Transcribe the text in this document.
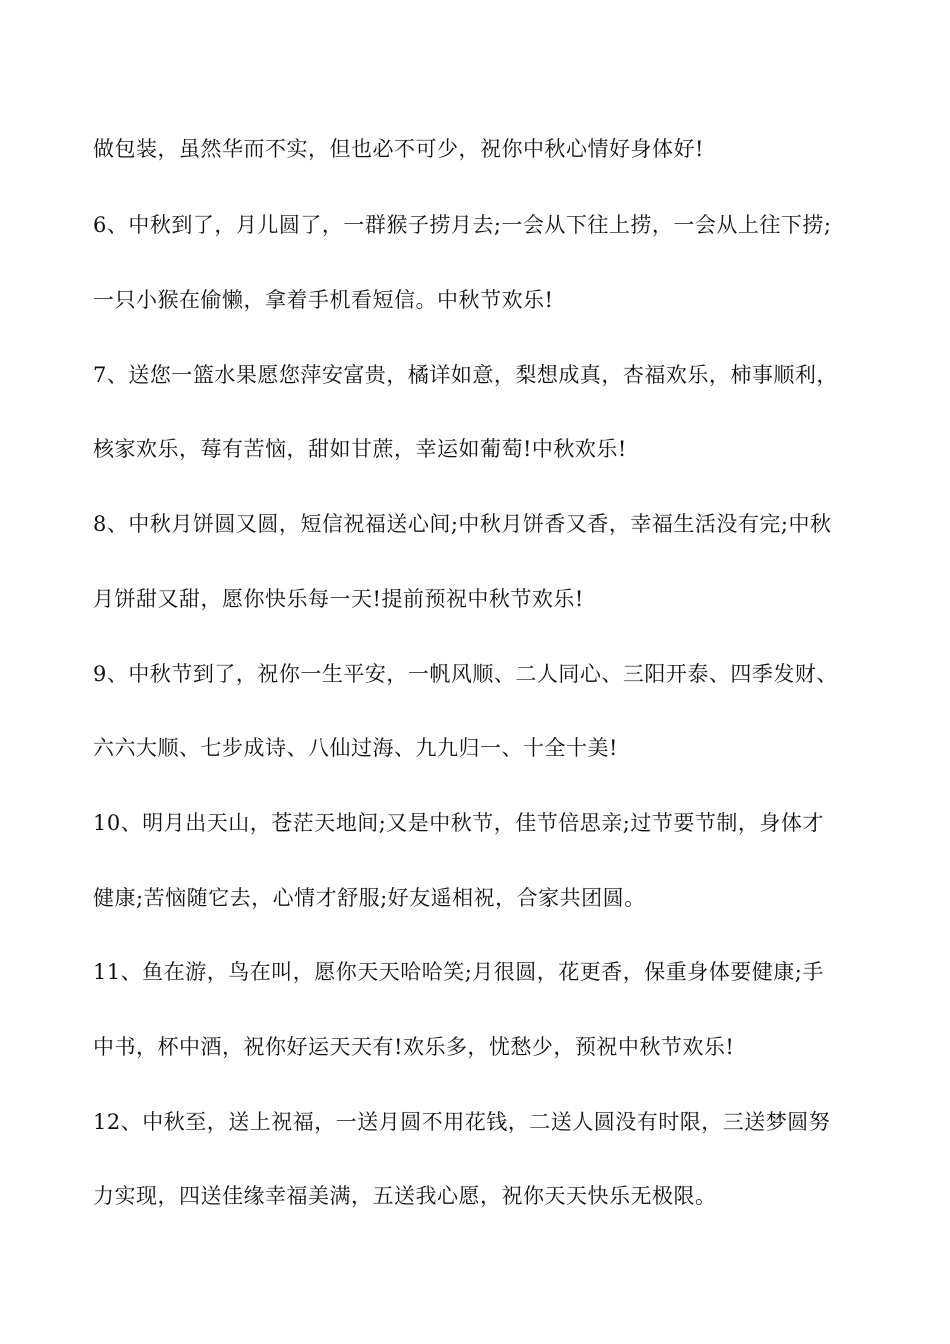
做包装，虽然华而不实，但也必不可少，祝你中秋心情好身体好!
6、中秋到了，月儿圆了，一群猴子捞月去;一会从下往上捞，一会从上往下捞;
一只小猴在偷懒，拿着手机看短信。中秋节欢乐!
7、送您一篮水果愿您萍安富贵，橘详如意，梨想成真，杏福欢乐，柿事顺利，
核家欢乐，莓有苦恼，甜如甘蔗，幸运如葡萄!中秋欢乐!
8、中秋月饼圆又圆，短信祝福送心间;中秋月饼香又香，幸福生活没有完;中秋
月饼甜又甜，愿你快乐每一天!提前预祝中秋节欢乐!
9、中秋节到了，祝你一生平安，一帆风顺、二人同心、三阳开泰、四季发财、
六六大顺、七步成诗、八仙过海、九九归一、十全十美!
10、明月出天山，苍茫天地间;又是中秋节，佳节倍思亲;过节要节制，身体才
健康;苦恼随它去，心情才舒服;好友遥相祝，合家共团圆。
11、鱼在游，鸟在叫，愿你天天哈哈笑;月很圆，花更香，保重身体要健康;手
中书，杯中酒，祝你好运天天有!欢乐多，忧愁少，预祝中秋节欢乐!
12、中秋至，送上祝福，一送月圆不用花钱，二送人圆没有时限，三送梦圆努
力实现，四送佳缘幸福美满，五送我心愿，祝你天天快乐无极限。
